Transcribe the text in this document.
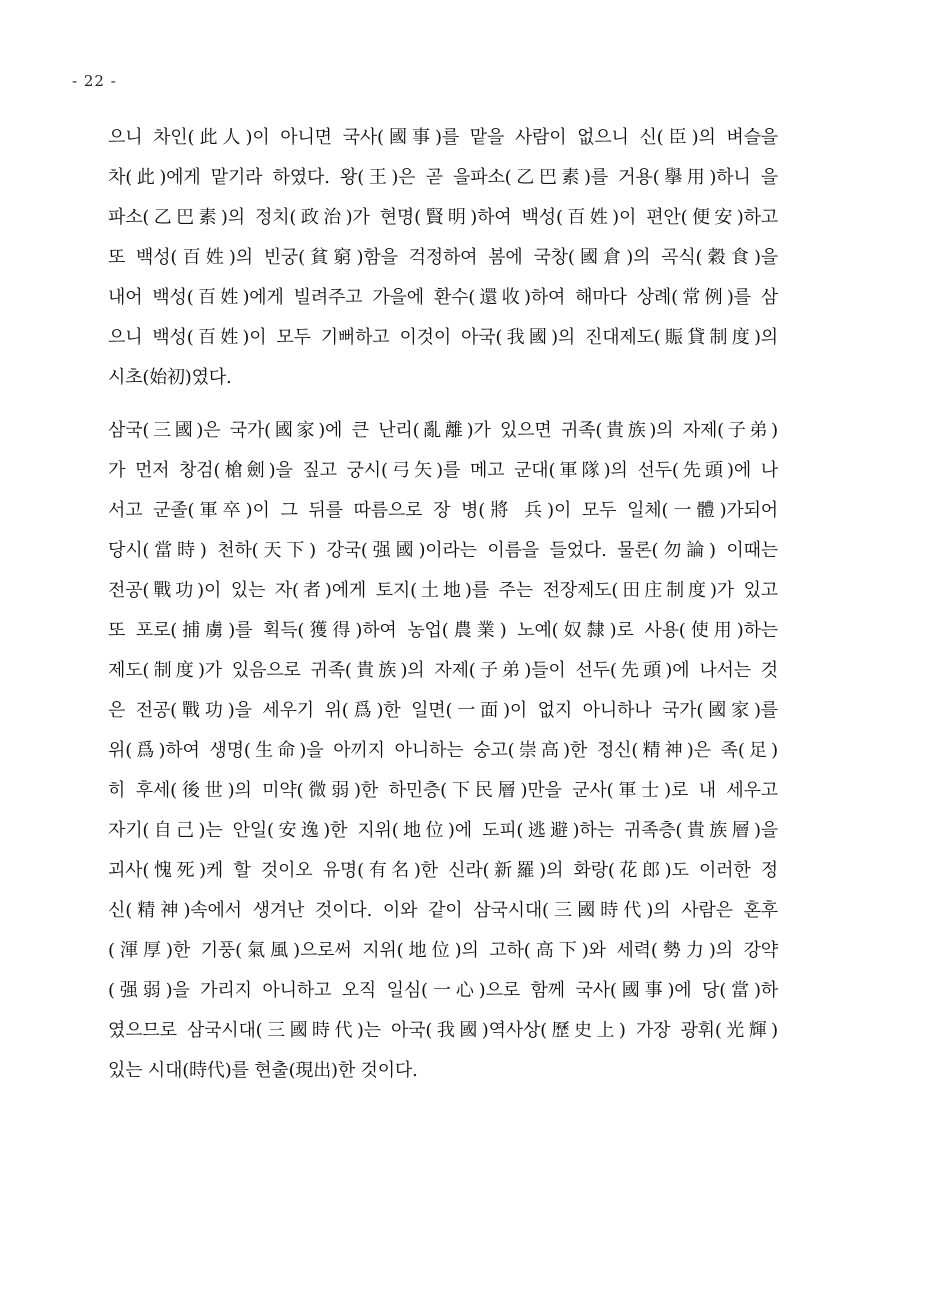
- 22 -
으니 차인(此人)이 아니면 국사(國事)를 맡을 사람이 없으니 신(臣)의 벼슬을
차(此)에게 맡기라 하였다. 왕(王)은 곧 을파소(乙巴素)를 거용(擧用)하니 을
파소(乙巴素)의 정치(政治)가 현명(賢明)하여 백성(百姓)이 편안(便安)하고
또 백성(百姓)의 빈궁(貧窮)함을 걱정하여 봄에 국창(國倉)의 곡식(穀食)을
내어 백성(百姓)에게 빌려주고 가을에 환수(還收)하여 해마다 상례(常例)를 삼
으니 백성(百姓)이 모두 기뻐하고 이것이 아국(我國)의 진대제도(賑貸制度)의
시초(始初)였다.
삼국(三國)은 국가(國家)에 큰 난리(亂離)가 있으면 귀족(貴族)의 자제(子弟)
가 먼저 창검(槍劍)을 짚고 궁시(弓矢)를 메고 군대(軍隊)의 선두(先頭)에 나
서고 군졸(軍卒)이 그 뒤를 따름으로 장 병(將 兵)이 모두 일체(一體)가되어
당시(當時) 천하(天下) 강국(强國)이라는 이름을 들었다. 물론(勿論) 이때는
전공(戰功)이 있는 자(者)에게 토지(土地)를 주는 전장제도(田庄制度)가 있고
또 포로(捕虜)를 획득(獲得)하여 농업(農業) 노예(奴隸)로 사용(使用)하는
제도(制度)가 있음으로 귀족(貴族)의 자제(子弟)들이 선두(先頭)에 나서는 것
은 전공(戰功)을 세우기 위(爲)한 일면(一面)이 없지 아니하나 국가(國家)를
위(爲)하여 생명(生命)을 아끼지 아니하는 숭고(崇高)한 정신(精神)은 족(足)
히 후세(後世)의 미약(微弱)한 하민층(下民層)만을 군사(軍士)로 내 세우고
자기(自己)는 안일(安逸)한 지위(地位)에 도피(逃避)하는 귀족층(貴族層)을
괴사(愧死)케 할 것이오 유명(有名)한 신라(新羅)의 화랑(花郎)도 이러한 정
신(精神)속에서 생겨난 것이다. 이와 같이 삼국시대(三國時代)의 사람은 혼후
(渾厚)한 기풍(氣風)으로써 지위(地位)의 고하(高下)와 세력(勢力)의 강약
(强弱)을 가리지 아니하고 오직 일심(一心)으로 함께 국사(國事)에 당(當)하
였으므로 삼국시대(三國時代)는 아국(我國)역사상(歷史上) 가장 광휘(光輝)
있는 시대(時代)를 현출(現出)한 것이다.
